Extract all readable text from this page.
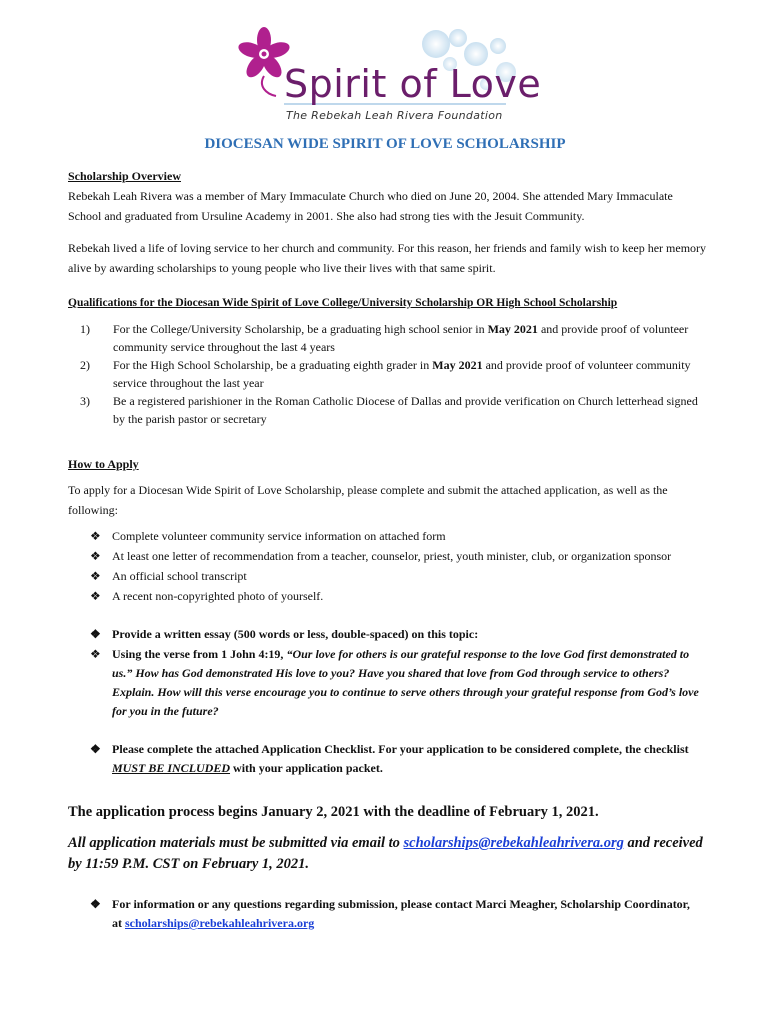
Spirit of Love
The Rebekah Leah Rivera Foundation
DIOCESAN WIDE SPIRIT OF LOVE SCHOLARSHIP
Scholarship Overview

Rebekah Leah Rivera was a member of Mary Immaculate Church who died on June 20, 2004. She attended Mary Immaculate School and graduated from Ursuline Academy in 2001. She also had strong ties with the Jesuit Community.

Rebekah lived a life of loving service to her church and community. For this reason, her friends and family wish to keep her memory alive by awarding scholarships to young people who live their lives with that same spirit.

Qualifications for the Diocesan Wide Spirit of Love College/University Scholarship OR High School Scholarship
1) For the College/University Scholarship, be a graduating high school senior in May 2021 and provide proof of volunteer community service throughout the last 4 years
2) For the High School Scholarship, be a graduating eighth grader in May 2021 and provide proof of volunteer community service throughout the last year
3) Be a registered parishioner in the Roman Catholic Diocese of Dallas and provide verification on Church letterhead signed by the parish pastor or secretary
How to Apply

To apply for a Diocesan Wide Spirit of Love Scholarship, please complete and submit the attached application, as well as the following:

❖ Complete volunteer community service information on attached form
❖ At least one letter of recommendation from a teacher, counselor, priest, youth minister, club, or organization sponsor
❖ An official school transcript
❖ A recent non-copyrighted photo of yourself.
❖ Provide a written essay (500 words or less, double-spaced) on this topic:
❖ Using the verse from 1 John 4:19, “Our love for others is our grateful response to the love God first demonstrated to us.” How has God demonstrated His love to you? Have you shared that love from God through service to others? Explain. How will this verse encourage you to continue to serve others through your grateful response from God’s love for you in the future?
❖ Please complete the attached Application Checklist. For your application to be considered complete, the checklist MUST BE INCLUDED with your application packet.
The application process begins January 2, 2021 with the deadline of February 1, 2021.
All application materials must be submitted via email to scholarships@rebekahleahrivera.org and received by 11:59 P.M. CST on February 1, 2021.
❖ For information or any questions regarding submission, please contact Marci Meagher, Scholarship Coordinator, at scholarships@rebekahleahrivera.org
